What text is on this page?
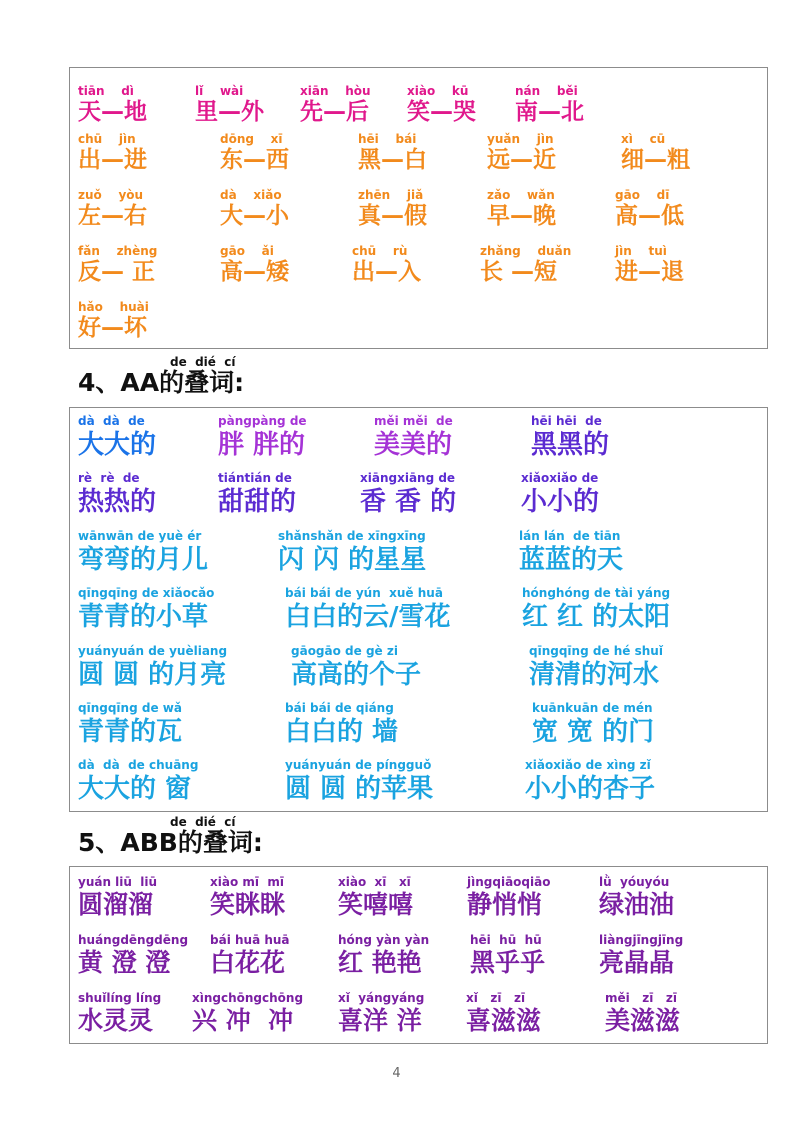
tiān    dì
天—地
lǐ    wài
里—外
xiān    hòu
先—后
xiào    kū
笑—哭
nán    běi
南—北
chū    jìn
出—进
dōng    xī
东—西
hēi    bái
黑—白
yuǎn    jìn
远—近
xì    cū
细—粗
zuǒ    yòu
左—右
dà    xiǎo
大—小
zhēn    jiǎ
真—假
zǎo    wǎn
早—晚
gāo    dī
高—低
fǎn    zhèng
反— 正
gāo    ǎi
高—矮
chū    rù
出—入
zhǎng    duǎn
长 —短
jìn    tuì
进—退
hǎo    huài
好—坏
de  dié  cí
4、AA的叠词:
dà  dà  de
大大的
pàngpàng de
胖 胖的
měi měi  de
美美的
hēi hēi  de
黑黑的
rè  rè  de
热热的
tiántián de
甜甜的
xiāngxiāng de
香 香 的
xiǎoxiǎo de
小小的
wānwān de yuè ér
弯弯的月儿
shǎnshǎn de xīngxīng
闪 闪 的星星
lán lán  de tiān
蓝蓝的天
qīngqīng de xiǎocǎo
青青的小草
bái bái de yún  xuě huā
白白的云/雪花
hónghóng de tài yáng
红 红 的太阳
yuányuán de yuèliang
圆 圆 的月亮
gāogāo de gè zi
高高的个子
qīngqīng de hé shuǐ
清清的河水
qīngqīng de wǎ
青青的瓦
bái bái de qiáng
白白的 墙
kuānkuān de mén
宽 宽 的门
dà  dà  de chuāng
大大的 窗
yuányuán de píngguǒ
圆 圆 的苹果
xiǎoxiǎo de xìng zǐ
小小的杏子
de  dié  cí
5、ABB的叠词:
yuán liū  liū
圆溜溜
xiào mī  mī
笑眯眯
xiào  xī   xī
笑嘻嘻
jìngqiāoqiāo
静悄悄
lǜ  yóuyóu
绿油油
huángdēngdēng
黄 澄 澄
bái huā huā
白花花
hóng yàn yàn
红 艳艳
hēi  hū  hū
黑乎乎
liàngjīngjīng
亮晶晶
shuǐlíng líng
水灵灵
xìngchōngchōng
兴 冲  冲
xǐ  yángyáng
喜洋 洋
xǐ   zī   zī
喜滋滋
měi   zī   zī
美滋滋
4
